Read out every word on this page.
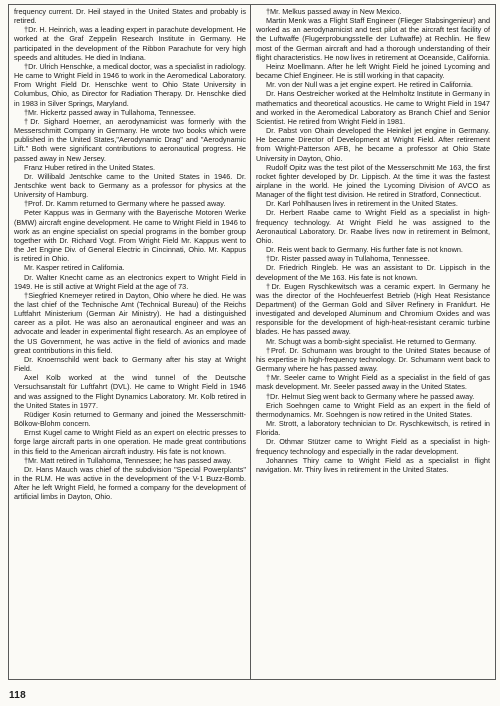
frequency current. Dr. Heil stayed in the United States and probably is retired.

†Dr. H. Heinrich, was a leading expert in parachute development. He worked at the Graf Zeppelin Research Institute in Germany. He participated in the development of the Ribbon Parachute for very high speeds and altitudes. He died in Indiana.

†Dr. Ulrich Henschke, a medical doctor, was a specialist in radiology. He came to Wright Field in 1946 to work in the Aeromedical Laboratory. From Wright Field Dr. Henschke went to Ohio State University in Columbus, Ohio, as Director for Radiation Therapy. Dr. Henschke died in 1983 in Silver Springs, Maryland.

†Mr. Hickertz passed away in Tullahoma, Tennessee.

†Dr. Sighard Hoerner, an aerodynamicist was formerly with the Messerschmitt Company in Germany. He wrote two books which were published in the United States,"Aerodynamic Drag" and "Aerodynamic Lift." Both were significant contributions to aeronautical progress. He passed away in New Jersey.

Franz Huber retired in the United States.

Dr. Willibald Jentschke came to the United States in 1946. Dr. Jentschke went back to Germany as a professor for physics at the University of Hamburg.

†Prof. Dr. Kamm returned to Germany where he passed away.

Peter Kappus was in Germany with the Bayerische Motoren Werke (BMW) aircraft engine development. He came to Wright Field in 1946 to work as an engine specialist on special programs in the bomber group together with Dr. Richard Vogt. From Wright Field Mr. Kappus went to the Jet Engine Div. of General Electric in Cincinnati, Ohio. Mr. Kappus is retired in Ohio.

Mr. Kasper retired in California.

Dr. Walter Knecht came as an electronics expert to Wright Field in 1949. He is still active at Wright Field at the age of 73.

†Siegfried Knemeyer retired in Dayton, Ohio where he died. He was the last chief of the Technische Amt (Technical Bureau) of the Reichs Luftfahrt Ministerium (German Air Ministry). He had a distinguished career as a pilot. He was also an aeronautical engineer and was an advocate and leader in experimental flight research. As an employee of the US Government, he was active in the field of avionics and made great contributions in this field.

Dr. Knoernschild went back to Germany after his stay at Wright Field.

Axel Kolb worked at the wind tunnel of the Deutsche Versuchsanstalt für Luftfahrt (DVL). He came to Wright Field in 1946 and was assigned to the Flight Dynamics Laboratory. Mr. Kolb retired in the United States in 1977.

Rüdiger Kosin returned to Germany and joined the Messerschmitt-Bölkow-Blohm concern.

Ernst Kugel came to Wright Field as an expert on electric presses to forge large aircraft parts in one operation. He made great contributions in this field to the American aircraft industry. His fate is not known.

†Mr. Matt retired in Tullahoma, Tennessee; he has passed away.

Dr. Hans Mauch was chief of the subdivision "Special Powerplants" in the RLM. He was active in the development of the V-1 Buzz-Bomb. After he left Wright Field, he formed a company for the development of artificial limbs in Dayton, Ohio.

†Mr. Melkus passed away in New Mexico.

Martin Menk was a Flight Staff Engineer (Flieger Stabsingenieur) and worked as an aerodynamicist and test pilot at the aircraft test facility of the Luftwaffe (Flugerprobungsstelle der Luftwaffe) at Rechlin. He flew most of the German aircraft and had a thorough understanding of their flight characteristics. He now lives in retirement at Oceanside, California.

Heinz Moellmann. After he left Wright Field he joined Lycoming and became Chief Engineer. He is still working in that capacity.

Mr. von der Null was a jet engine expert. He retired in California.

Dr. Hans Oestreicher worked at the Helmholtz Institute in Germany in mathematics and theoretical acoustics. He came to Wright Field in 1947 and worked in the Aeromedical Laboratory as Branch Chief and Senior Scientist. He retired from Wright Field in 1981.

Dr. Pabst von Ohain developed the Heinkel jet engine in Germany. He became Director of Development at Wright Field. After retirement from Wright-Patterson AFB, he became a professor at Ohio State University in Dayton, Ohio.

Rudolf Opitz was the test pilot of the Messerschmitt Me 163, the first rocket fighter developed by Dr. Lippisch. At the time it was the fastest airplane in the world. He joined the Lycoming Division of AVCO as Manager of the flight test division. He retired in Stratford, Connecticut.

Dr. Karl Pohlhausen lives in retirement in the United States.

Dr. Herbert Raabe came to Wright Field as a specialist in high-frequency technology. At Wright Field he was assigned to the Aeronautical Laboratory. Dr. Raabe lives now in retirement in Belmont, Ohio.

Dr. Reis went back to Germany. His further fate is not known.

†Dr. Rister passed away in Tullahoma, Tennessee.

Dr. Friedrich Ringleb. He was an assistant to Dr. Lippisch in the development of the Me 163. His fate is not known.

†Dr. Eugen Ryschkewitsch was a ceramic expert. In Germany he was the director of the Hochfeuerfest Betrieb (High Heat Resistance Department) of the German Gold and Silver Refinery in Frankfurt. He investigated and developed Aluminum and Chromium Oxides and was responsible for the development of high-heat-resistant ceramic turbine blades. He has passed away.

Mr. Schugt was a bomb-sight specialist. He returned to Germany.

†Prof. Dr. Schumann was brought to the United States because of his expertise in high-frequency technology. Dr. Schumann went back to Germany where he has passed away.

†Mr. Seeler came to Wright Field as a specialist in the field of gas mask development. Mr. Seeler passed away in the United States.

†Dr. Helmut Sieg went back to Germany where he passed away.

Erich Soehngen came to Wright Field as an expert in the field of thermodynamics. Mr. Soehngen is now retired in the United States.

Mr. Strott, a laboratory technician to Dr. Ryschkewitsch, is retired in Florida.

Dr. Othmar Stützer came to Wright Field as a specialist in high-frequency technology and especially in the radar development.

Johannes Thiry came to Wright Field as a specialist in flight navigation. Mr. Thiry lives in retirement in the United States.

118
